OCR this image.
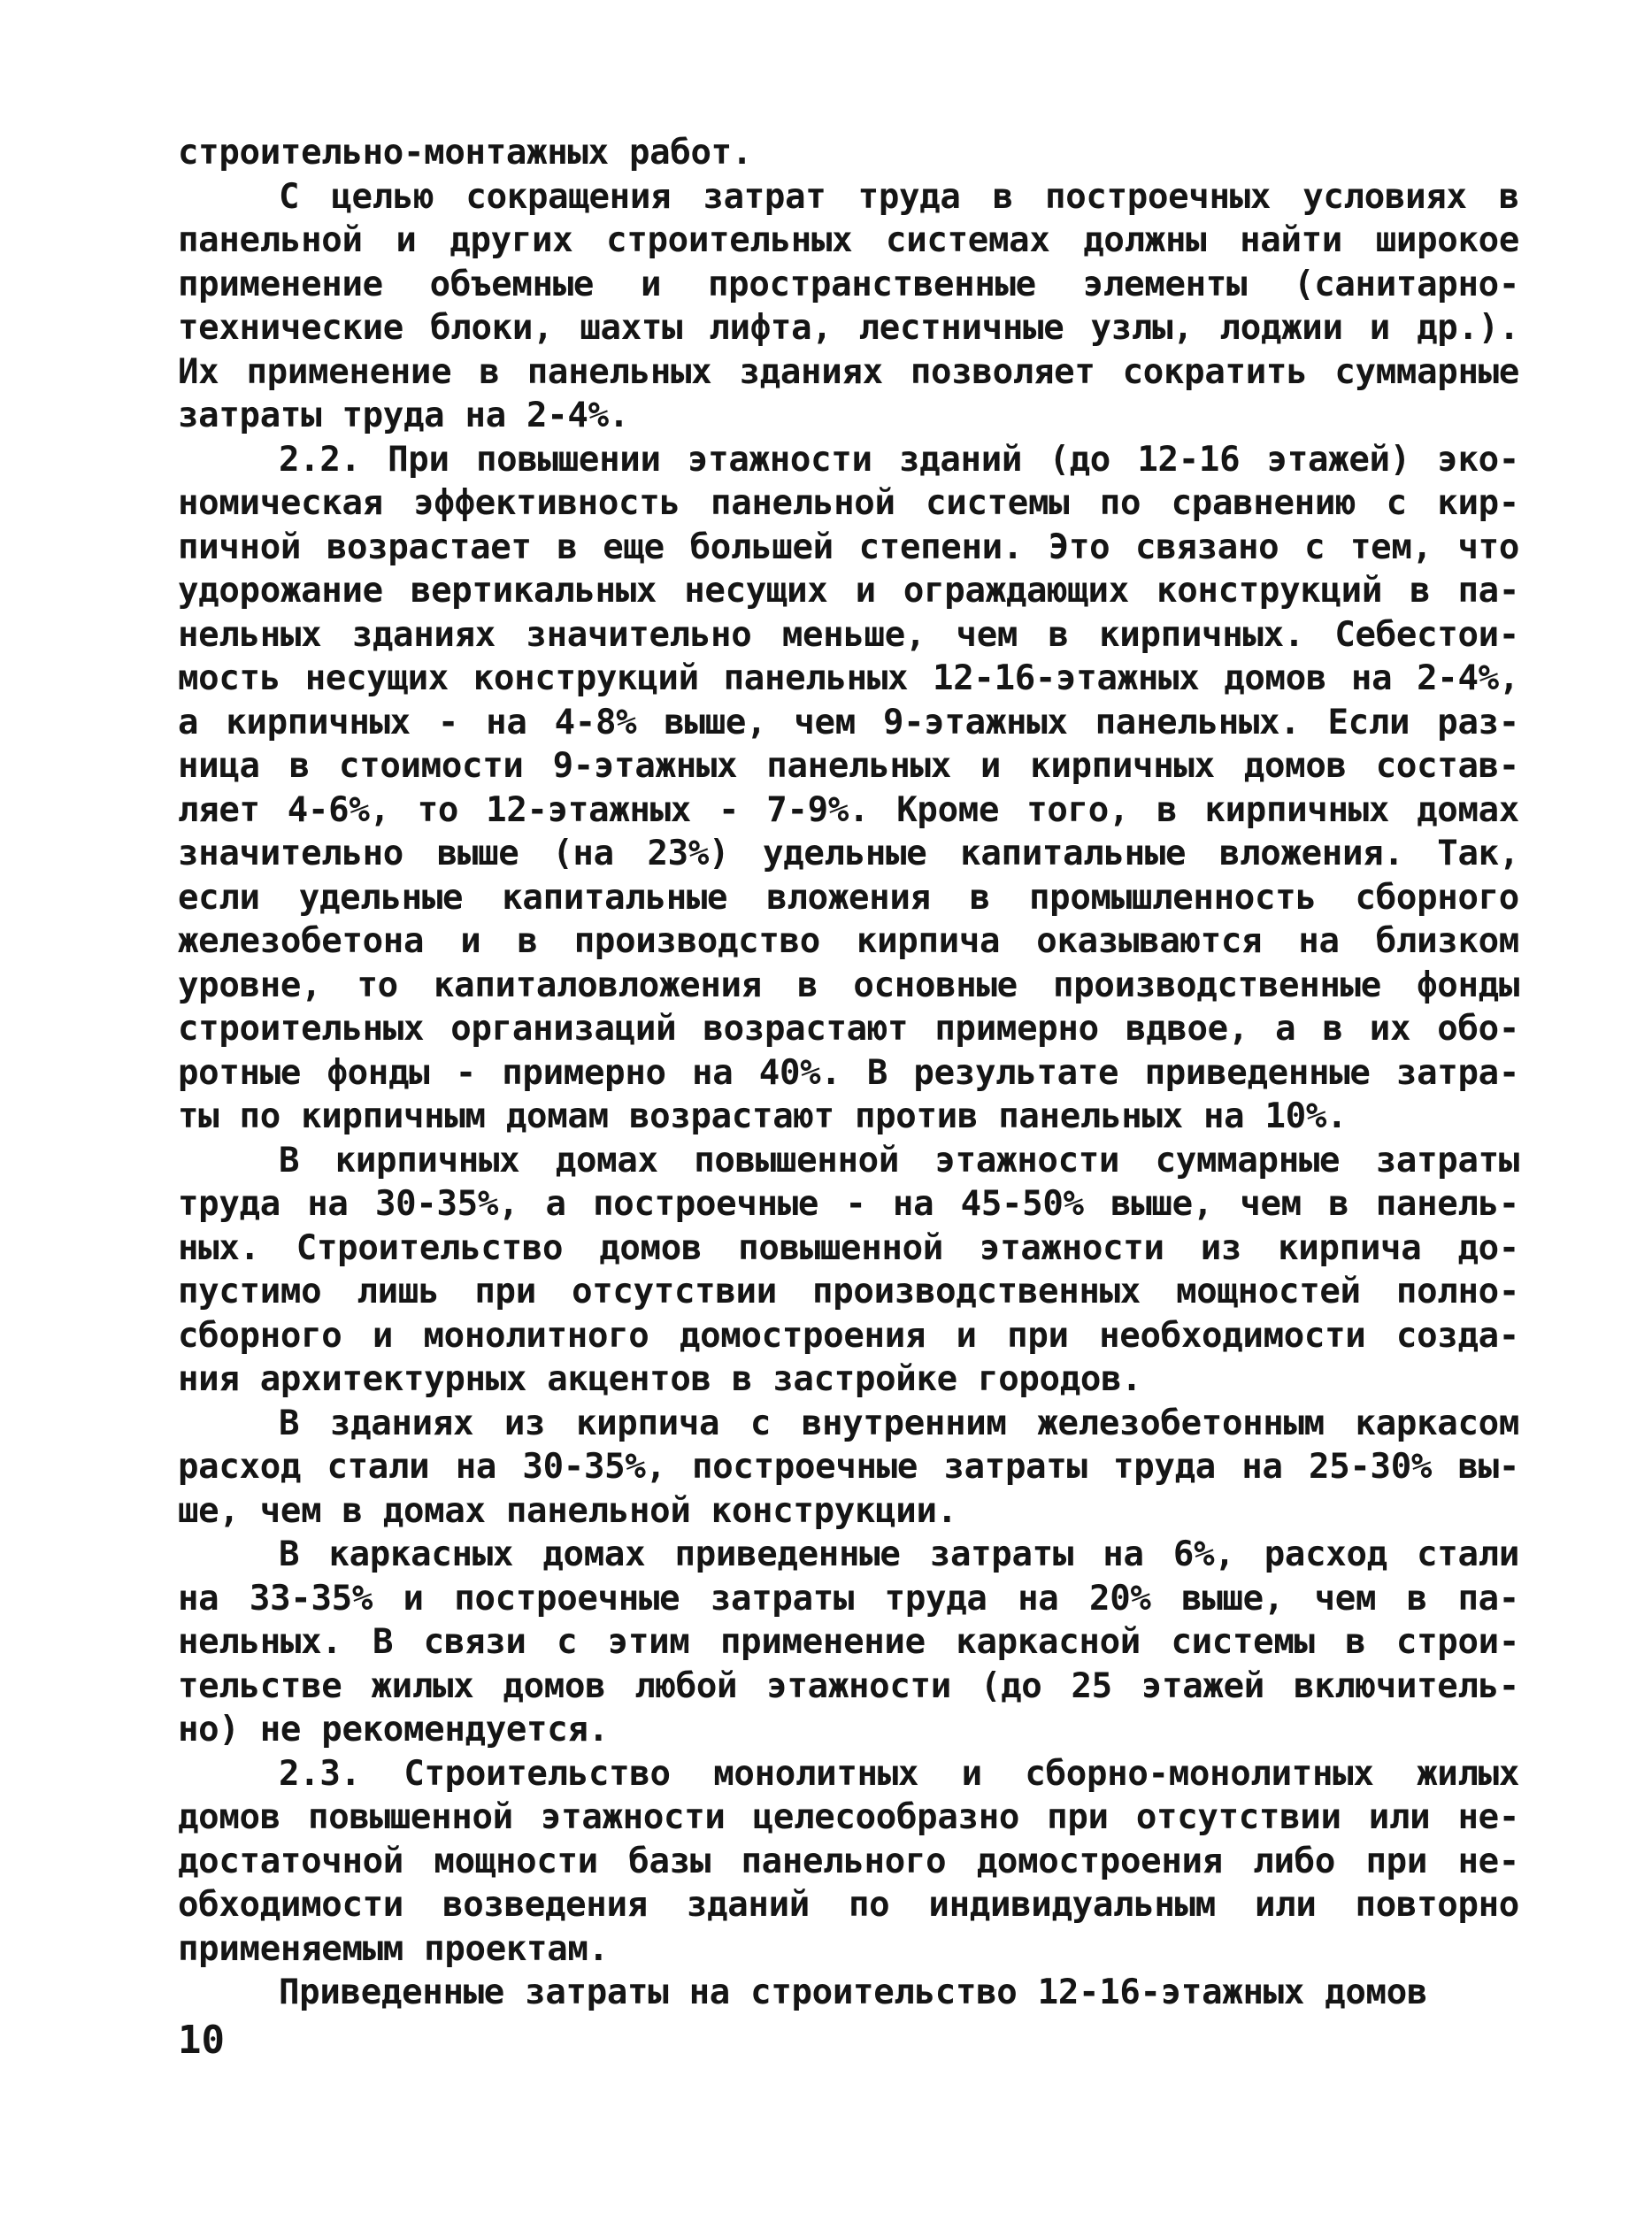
строительно-монтажных работ.
С целью сокращения затрат труда в построечных условиях в
панельной и других строительных системах должны найти широкое
применение объемные и пространственные элементы (санитарно-
технические блоки, шахты лифта, лестничные узлы, лоджии и др.).
Их применение в панельных зданиях позволяет сократить суммарные
затраты труда на 2-4%.
2.2. При повышении этажности зданий (до 12-16 этажей) эко-
номическая эффективность панельной системы по сравнению с кир-
пичной возрастает в еще большей степени. Это связано с тем, что
удорожание вертикальных несущих и ограждающих конструкций в па-
нельных зданиях значительно меньше, чем в кирпичных. Себестои-
мость несущих конструкций панельных 12-16-этажных домов на 2-4%,
а кирпичных - на 4-8% выше, чем 9-этажных панельных. Если раз-
ница в стоимости 9-этажных панельных и кирпичных домов состав-
ляет 4-6%, то 12-этажных - 7-9%. Кроме того, в кирпичных домах
значительно выше (на 23%) удельные капитальные вложения. Так,
если удельные капитальные вложения в промышленность сборного
железобетона и в производство кирпича оказываются на близком
уровне, то капиталовложения в основные производственные фонды
строительных организаций возрастают примерно вдвое, а в их обо-
ротные фонды - примерно на 40%. В результате приведенные затра-
ты по кирпичным домам возрастают против панельных на 10%.
В кирпичных домах повышенной этажности суммарные затраты
труда на 30-35%, а построечные - на 45-50% выше, чем в панель-
ных. Строительство домов повышенной этажности из кирпича до-
пустимо лишь при отсутствии производственных мощностей полно-
сборного и монолитного домостроения и при необходимости созда-
ния архитектурных акцентов в застройке городов.
В зданиях из кирпича с внутренним железобетонным каркасом
расход стали на 30-35%, построечные затраты труда на 25-30% вы-
ше, чем в домах панельной конструкции.
В каркасных домах приведенные затраты на 6%, расход стали
на 33-35% и построечные затраты труда на 20% выше, чем в па-
нельных. В связи с этим применение каркасной системы в строи-
тельстве жилых домов любой этажности (до 25 этажей включитель-
но) не рекомендуется.
2.3. Строительство монолитных и сборно-монолитных жилых
домов повышенной этажности целесообразно при отсутствии или не-
достаточной мощности базы панельного домостроения либо при не-
обходимости возведения зданий по индивидуальным или повторно
применяемым проектам.
Приведенные затраты на строительство 12-16-этажных домов
10
